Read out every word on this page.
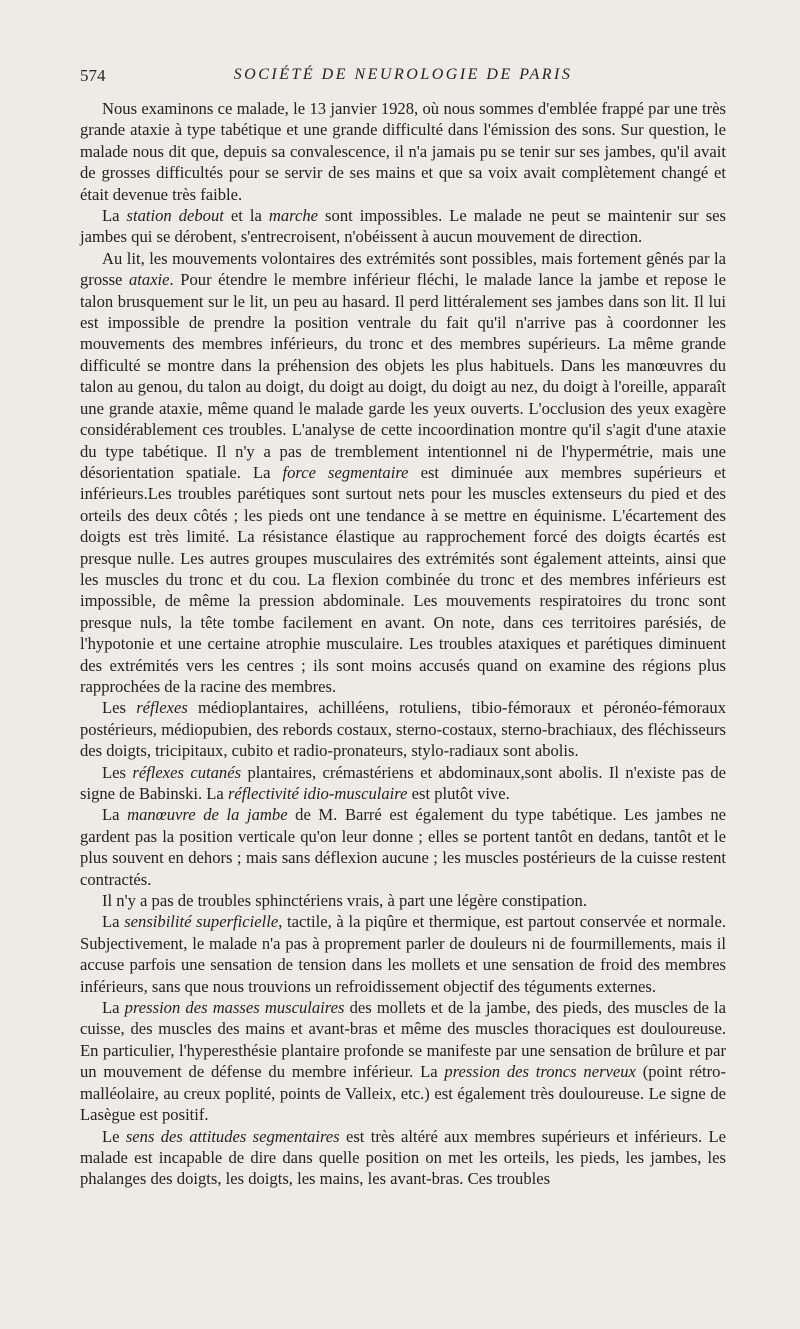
574	SOCIÉTÉ DE NEUROLOGIE DE PARIS

Nous examinons ce malade, le 13 janvier 1928, où nous sommes d'emblée frappé par une très grande ataxie à type tabétique et une grande difficulté dans l'émission des sons. Sur question, le malade nous dit que, depuis sa convalescence, il n'a jamais pu se tenir sur ses jambes, qu'il avait de grosses difficultés pour se servir de ses mains et que sa voix avait complètement changé et était devenue très faible.

La station debout et la marche sont impossibles. Le malade ne peut se maintenir sur ses jambes qui se dérobent, s'entrecroisent, n'obéissent à aucun mouvement de direction.

Au lit, les mouvements volontaires des extrémités sont possibles, mais fortement gênés par la grosse ataxie. Pour étendre le membre inférieur fléchi, le malade lance la jambe et repose le talon brusquement sur le lit, un peu au hasard. Il perd littéralement ses jambes dans son lit. Il lui est impossible de prendre la position ventrale du fait qu'il n'arrive pas à coordonner les mouvements des membres inférieurs, du tronc et des membres supérieurs. La même grande difficulté se montre dans la préhension des objets les plus habituels. Dans les manœuvres du talon au genou, du talon au doigt, du doigt au doigt, du doigt au nez, du doigt à l'oreille, apparaît une grande ataxie, même quand le malade garde les yeux ouverts. L'occlusion des yeux exagère considérablement ces troubles. L'analyse de cette incoordination montre qu'il s'agit d'une ataxie du type tabétique. Il n'y a pas de tremblement intentionnel ni de l'hypermétrie, mais une désorientation spatiale. La force segmentaire est diminuée aux membres supérieurs et inférieurs.Les troubles parétiques sont surtout nets pour les muscles extenseurs du pied et des orteils des deux côtés ; les pieds ont une tendance à se mettre en équinisme. L'écartement des doigts est très limité. La résistance élastique au rapprochement forcé des doigts écartés est presque nulle. Les autres groupes musculaires des extrémités sont également atteints, ainsi que les muscles du tronc et du cou. La flexion combinée du tronc et des membres inférieurs est impossible, de même la pression abdominale. Les mouvements respiratoires du tronc sont presque nuls, la tête tombe facilement en avant. On note, dans ces territoires parésiés, de l'hypotonie et une certaine atrophie musculaire. Les troubles ataxiques et parétiques diminuent des extrémités vers les centres ; ils sont moins accusés quand on examine des régions plus rapprochées de la racine des membres.

Les réflexes médioplantaires, achilléens, rotuliens, tibio-fémoraux et péronéo-fémoraux postérieurs, médiopubien, des rebords costaux, sterno-costaux, sterno-brachiaux, des fléchisseurs des doigts, tricipitaux, cubito et radio-pronateurs, stylo-radiaux sont abolis.

Les réflexes cutanés plantaires, crémastériens et abdominaux,sont abolis. Il n'existe pas de signe de Babinski. La réflectivité idio-musculaire est plutôt vive.

La manœuvre de la jambe de M. Barré est également du type tabétique. Les jambes ne gardent pas la position verticale qu'on leur donne ; elles se portent tantôt en dedans, tantôt et le plus souvent en dehors ; mais sans déflexion aucune ; les muscles postérieurs de la cuisse restent contractés.

Il n'y a pas de troubles sphinctériens vrais, à part une légère constipation.

La sensibilité superficielle, tactile, à la piqûre et thermique, est partout conservée et normale. Subjectivement, le malade n'a pas à proprement parler de douleurs ni de fourmillements, mais il accuse parfois une sensation de tension dans les mollets et une sensation de froid des membres inférieurs, sans que nous trouvions un refroidissement objectif des téguments externes.

La pression des masses musculaires des mollets et de la jambe, des pieds, des muscles de la cuisse, des muscles des mains et avant-bras et même des muscles thoraciques est douloureuse. En particulier, l'hyperesthésie plantaire profonde se manifeste par une sensation de brûlure et par un mouvement de défense du membre inférieur. La pression des troncs nerveux (point rétro-malléolaire, au creux poplité, points de Valleix, etc.) est également très douloureuse. Le signe de Lasègue est positif.

Le sens des attitudes segmentaires est très altéré aux membres supérieurs et inférieurs. Le malade est incapable de dire dans quelle position on met les orteils, les pieds, les jambes, les phalanges des doigts, les doigts, les mains, les avant-bras. Ces troubles
